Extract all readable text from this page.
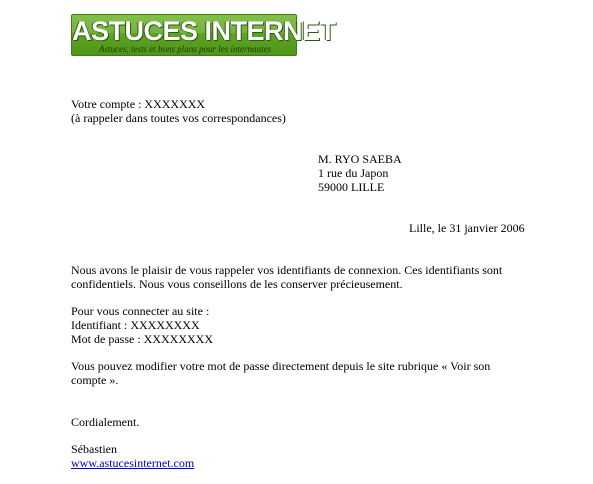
ASTUCES INTERNET
Astuces, tests et bons plans pour les internautes
Votre compte : XXXXXXX
(à rappeler dans toutes vos correspondances)
M. RYO SAEBA
1 rue du Japon
59000 LILLE
Lille, le 31 janvier 2006
Nous avons le plaisir de vous rappeler vos identifiants de connexion. Ces identifiants sont
confidentiels. Nous vous conseillons de les conserver précieusement.
Pour vous connecter au site :
Identifiant : XXXXXXXX
Mot de passe : XXXXXXXX
Vous pouvez modifier votre mot de passe directement depuis le site rubrique « Voir son
compte ».
Cordialement.
Sébastien
www.astucesinternet.com
